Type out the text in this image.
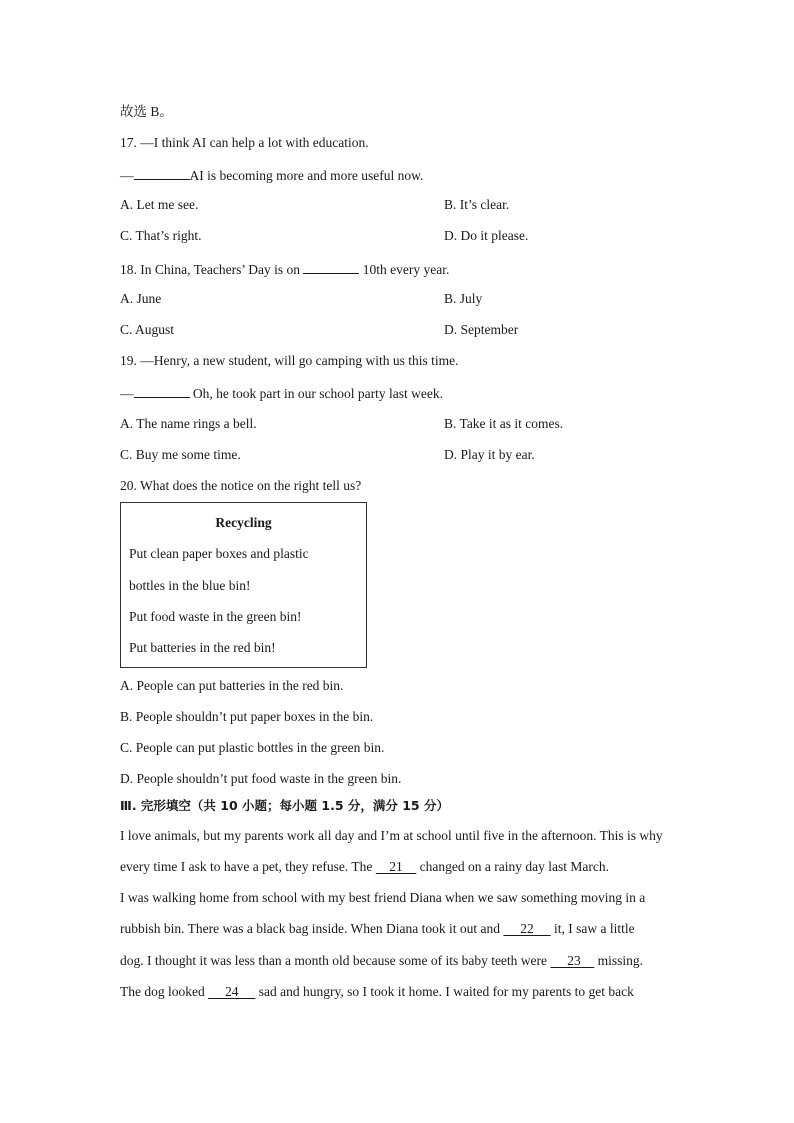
故选 B。
17. —I think AI can help a lot with education.
—	AI is becoming more and more useful now.
A. Let me see.	B. It’s clear.
C. That’s right.	D. Do it please.
18. In China, Teachers’ Day is on	10th every year.
A. June	B. July
C. August	D. September
19. —Henry, a new student, will go camping with us this time.
—	Oh, he took part in our school party last week.
A. The name rings a bell.	B. Take it as it comes.
C. Buy me some time.	D. Play it by ear.
20. What does the notice on the right tell us?
Recycling
Put clean paper boxes and plastic
bottles in the blue bin!
Put food waste in the green bin!
Put batteries in the red bin!
A. People can put batteries in the red bin.
B. People shouldn’t put paper boxes in the bin.
C. People can put plastic bottles in the green bin.
D. People shouldn’t put food waste in the green bin.
Ⅲ. 完形填空（共 10 小题；每小题 1.5 分，满分 15 分）
I love animals, but my parents work all day and I’m at school until five in the afternoon. This is why
every time I ask to have a pet, they refuse. The     21     changed on a rainy day last March.
I was walking home from school with my best friend Diana when we saw something moving in a
rubbish bin. There was a black bag inside. When Diana took it out and      22      it, I saw a little
dog. I thought it was less than a month old because some of its baby teeth were      23     missing.
The dog looked      24      sad and hungry, so I took it home. I waited for my parents to get back
